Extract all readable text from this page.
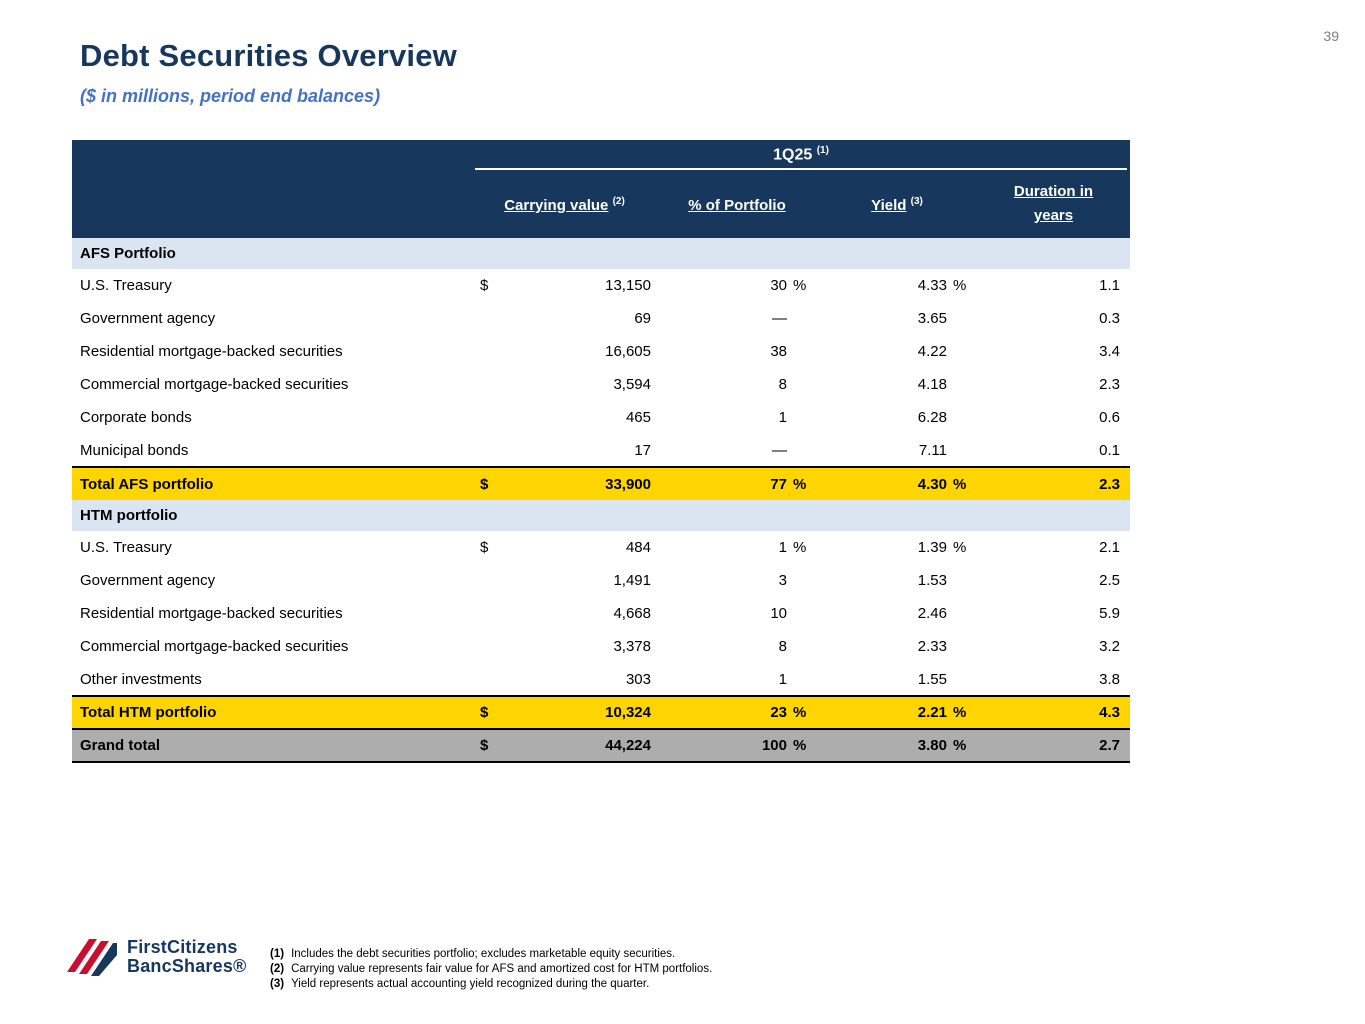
39
Debt Securities Overview
($ in millions, period end balances)

	1Q25 $^{(1)}$

	Carrying value $^{(2)}$	% of Portfolio	Yield $^{(3)}$	Duration in years
AFS Portfolio				
U.S. Treasury	$ 13,150	30 %	4.33 %	1.1
Government agency	69	—	3.65	0.3
Residential mortgage-backed securities	16,605	38	4.22	3.4
Commercial mortgage-backed securities	3,594	8	4.18	2.3
Corporate bonds	465	1	6.28	0.6
Municipal bonds	17	—	7.11	0.1
Total AFS portfolio	$ 33,900	77 %	4.30 %	2.3
HTM portfolio				
U.S. Treasury	$ 484	1 %	1.39 %	2.1
Government agency	1,491	3	1.53	2.5
Residential mortgage-backed securities	4,668	10	2.46	5.9
Commercial mortgage-backed securities	3,378	8	2.33	3.2
Other investments	303	1	1.55	3.8
Total HTM portfolio	$ 10,324	23 %	2.21 %	4.3
Grand total	$ 44,224	100 %	3.80 %	2.7
FirstCitizens
BancShares®
(1) Includes the debt securities portfolio; excludes marketable equity securities.
(2) Carrying value represents fair value for AFS and amortized cost for HTM portfolios.
(3) Yield represents actual accounting yield recognized during the quarter.
